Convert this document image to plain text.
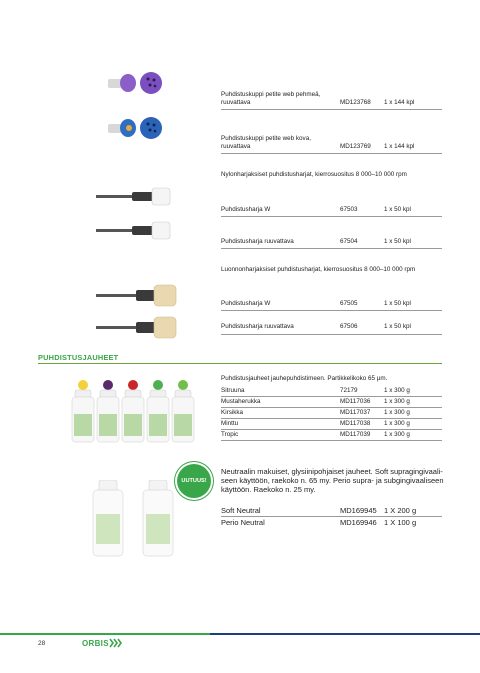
Puhdistuskuppi petite web pehmeä,
ruuvattava	MD123768 1 x 144 kpl
Puhdistuskuppi petite web kova,
ruuvattava	MD123769 1 x 144 kpl
Nylonharjaksiset puhdistusharjat, kierrosuositus 8 000–10 000 rpm
Puhdistusharja W	67503	1 x 50 kpl
Puhdistusharja ruuvattava	67504	1 x 50 kpl
Luonnonharjaksiset puhdistusharjat, kierrosuositus 8 000–10 000 rpm
Puhdistusharja W	67505	1 x 50 kpl
Puhdistusharja ruuvattava	67506	1 x 50 kpl
PUHDISTUSJAUHEET
Puhdistusjauheet jauhepuhdistimeen. Partikkelikoko 65 µm.
Sitruuna	72179	1 x 300 g
Mustaherukka	MD117036 1 x 300 g
Kirsikka	MD117037 1 x 300 g
Minttu	MD117038 1 x 300 g
Tropic	MD117039 1 x 300 g
UUTUUS!
Neutraalin makuiset, glysiinipohjaiset jauheet. Soft supragingivaali-
seen käyttöön, raekoko n. 65 my. Perio supra- ja subgingivaaliseen
käyttöön. Raekoko n. 25 my.
Soft Neutral	MD169945 1 X 200 g
Perio Neutral	MD169946 1 X 100 g
28	ORBIS
